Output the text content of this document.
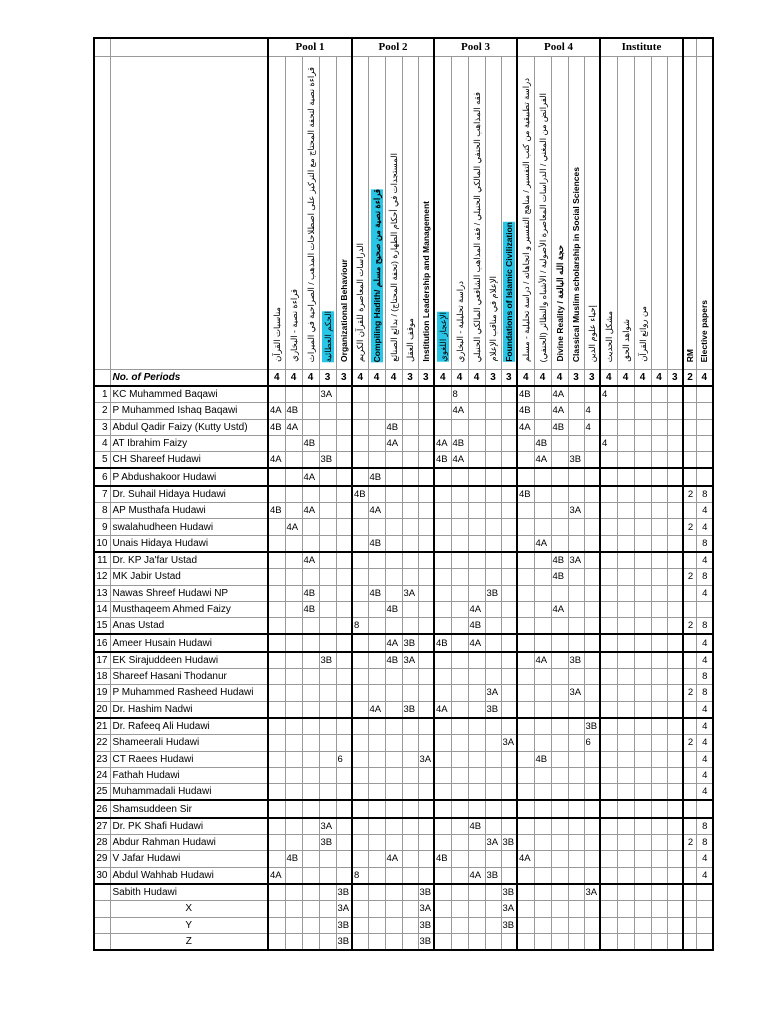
		Pool 1					Pool 2					Pool 3					Pool 4					Institute						
		مناسبات القرآن	قراءة نصية - البخاري	قراءة نصية لتحفة المحتاج مع التركيز على اصطلاحات المذهب / الصراحية في الميراث	الحكم العطائية	Organizational Behaviour	الدراسات المعاصرة للقرآن الكريم	Compiling Hadith/ قراءة نصية من صحيح مسلم	المستجدات في أحكام الطهارة (تحفة المحتاج) / بدائع الصنائع	موقف العقل	Institution Leadership and Management	الإعجاز اللغوي	دراسة تحليلية - البخاري	فقه المذاهب الحنفي المالكي الحنبلي / فقه المذاهب الشافعي المالكي الحنبلي	الإعلام في مناقب الإعلام	Foundations of Islamic Civilization	دراسة تطبيقية من كتب التفسير / مناهج التفسير و اتجاهاته / دراسة تحليلية - مسلم	الفرائض من المغني / الدراسات المعاصرة الأصولية / الأشباه والنظائر (الحنفي)	Divine Reality / حجة الله البالغة	Classical Muslim scholarship in Social Sciences	إحياء علوم الدين	مشكل الحديث	شواهد الحق	من روائع القرآن			RM	Elective papers
	No. of Periods	4	4	4	3	3	4	4	4	3	3	4	4	4	3	3	4	4	4	3	3	4	4	4	4	3	2	4
1	KC Muhammed Baqawi				3A								8				4B		4A			4						
2	P Muhammed Ishaq Baqawi	4A	4B										4A				4B		4A		4							
3	Abdul Qadir Faizy (Kutty Ustd)	4B	4A						4B								4A		4B		4							
4	AT Ibrahim Faizy			4B					4A			4A	4B					4B				4						
5	CH Shareef Hudawi	4A			3B							4B	4A					4A		3B								
6	P Abdushakoor Hudawi			4A				4B																				
7	Dr. Suhail Hidaya Hudawi						4B										4B										2	8
8	AP Musthafa Hudawi	4B		4A				4A												3A								4
9	swalahudheen Hudawi		4A																								2	4
10	Unais Hidaya Hudawi							4B										4A										8
11	Dr. KP Ja'far Ustad			4A															4B	3A								4
12	MK Jabir Ustad																		4B								2	8
13	Nawas Shreef Hudawi NP			4B				4B		3A					3B													4
14	Musthaqeem Ahmed Faizy			4B					4B					4A					4A									
15	Anas Ustad						8							4B													2	8
16	Ameer Husain Hudawi								4A	3B		4B		4A														4
17	EK Sirajuddeen Hudawi				3B				4B	3A								4A		3B								4
18	Shareef Hasani Thodanur																											8
19	P Muhammed Rasheed Hudawi														3A					3A							2	8
20	Dr. Hashim Nadwi							4A		3B		4A			3B													4
21	Dr. Rafeeq Ali Hudawi																				3B							4
22	Shameerali Hudawi															3A					6						2	4
23	CT Raees Hudawi					6					3A							4B										4
24	Fathah Hudawi																											4
25	Muhammadali Hudawi																											4
26	Shamsuddeen Sir																											
27	Dr. PK Shafi Hudawi				3A									4B														8
28	Abdur Rahman Hudawi				3B										3A	3B											2	8
29	V Jafar Hudawi		4B						4A			4B					4A											4
30	Abdul Wahhab Hudawi	4A					8							4A	3B													4
	Sabith Hudawi					3B					3B					3B					3A							
	X					3A					3A					3A												
	Y					3B					3B					3B												
	Z					3B					3B																	
